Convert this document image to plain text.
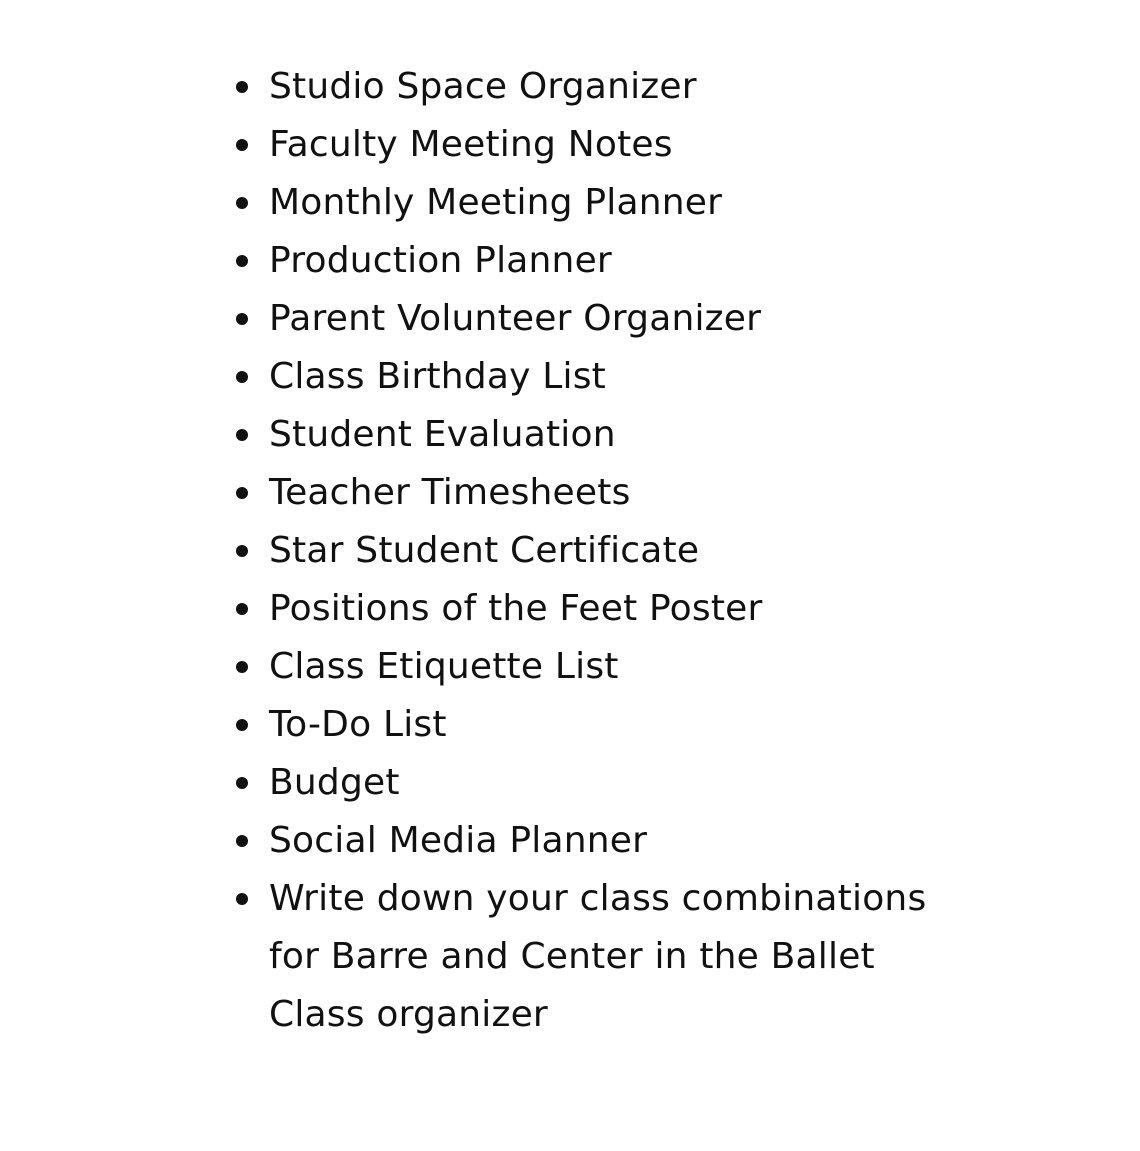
Studio Space Organizer
Faculty Meeting Notes
Monthly Meeting Planner
Production Planner
Parent Volunteer Organizer
Class Birthday List
Student Evaluation
Teacher Timesheets
Star Student Certificate
Positions of the Feet Poster
Class Etiquette List
To-Do List
Budget
Social Media Planner
Write down your class combinations for Barre and Center in the Ballet Class organizer
